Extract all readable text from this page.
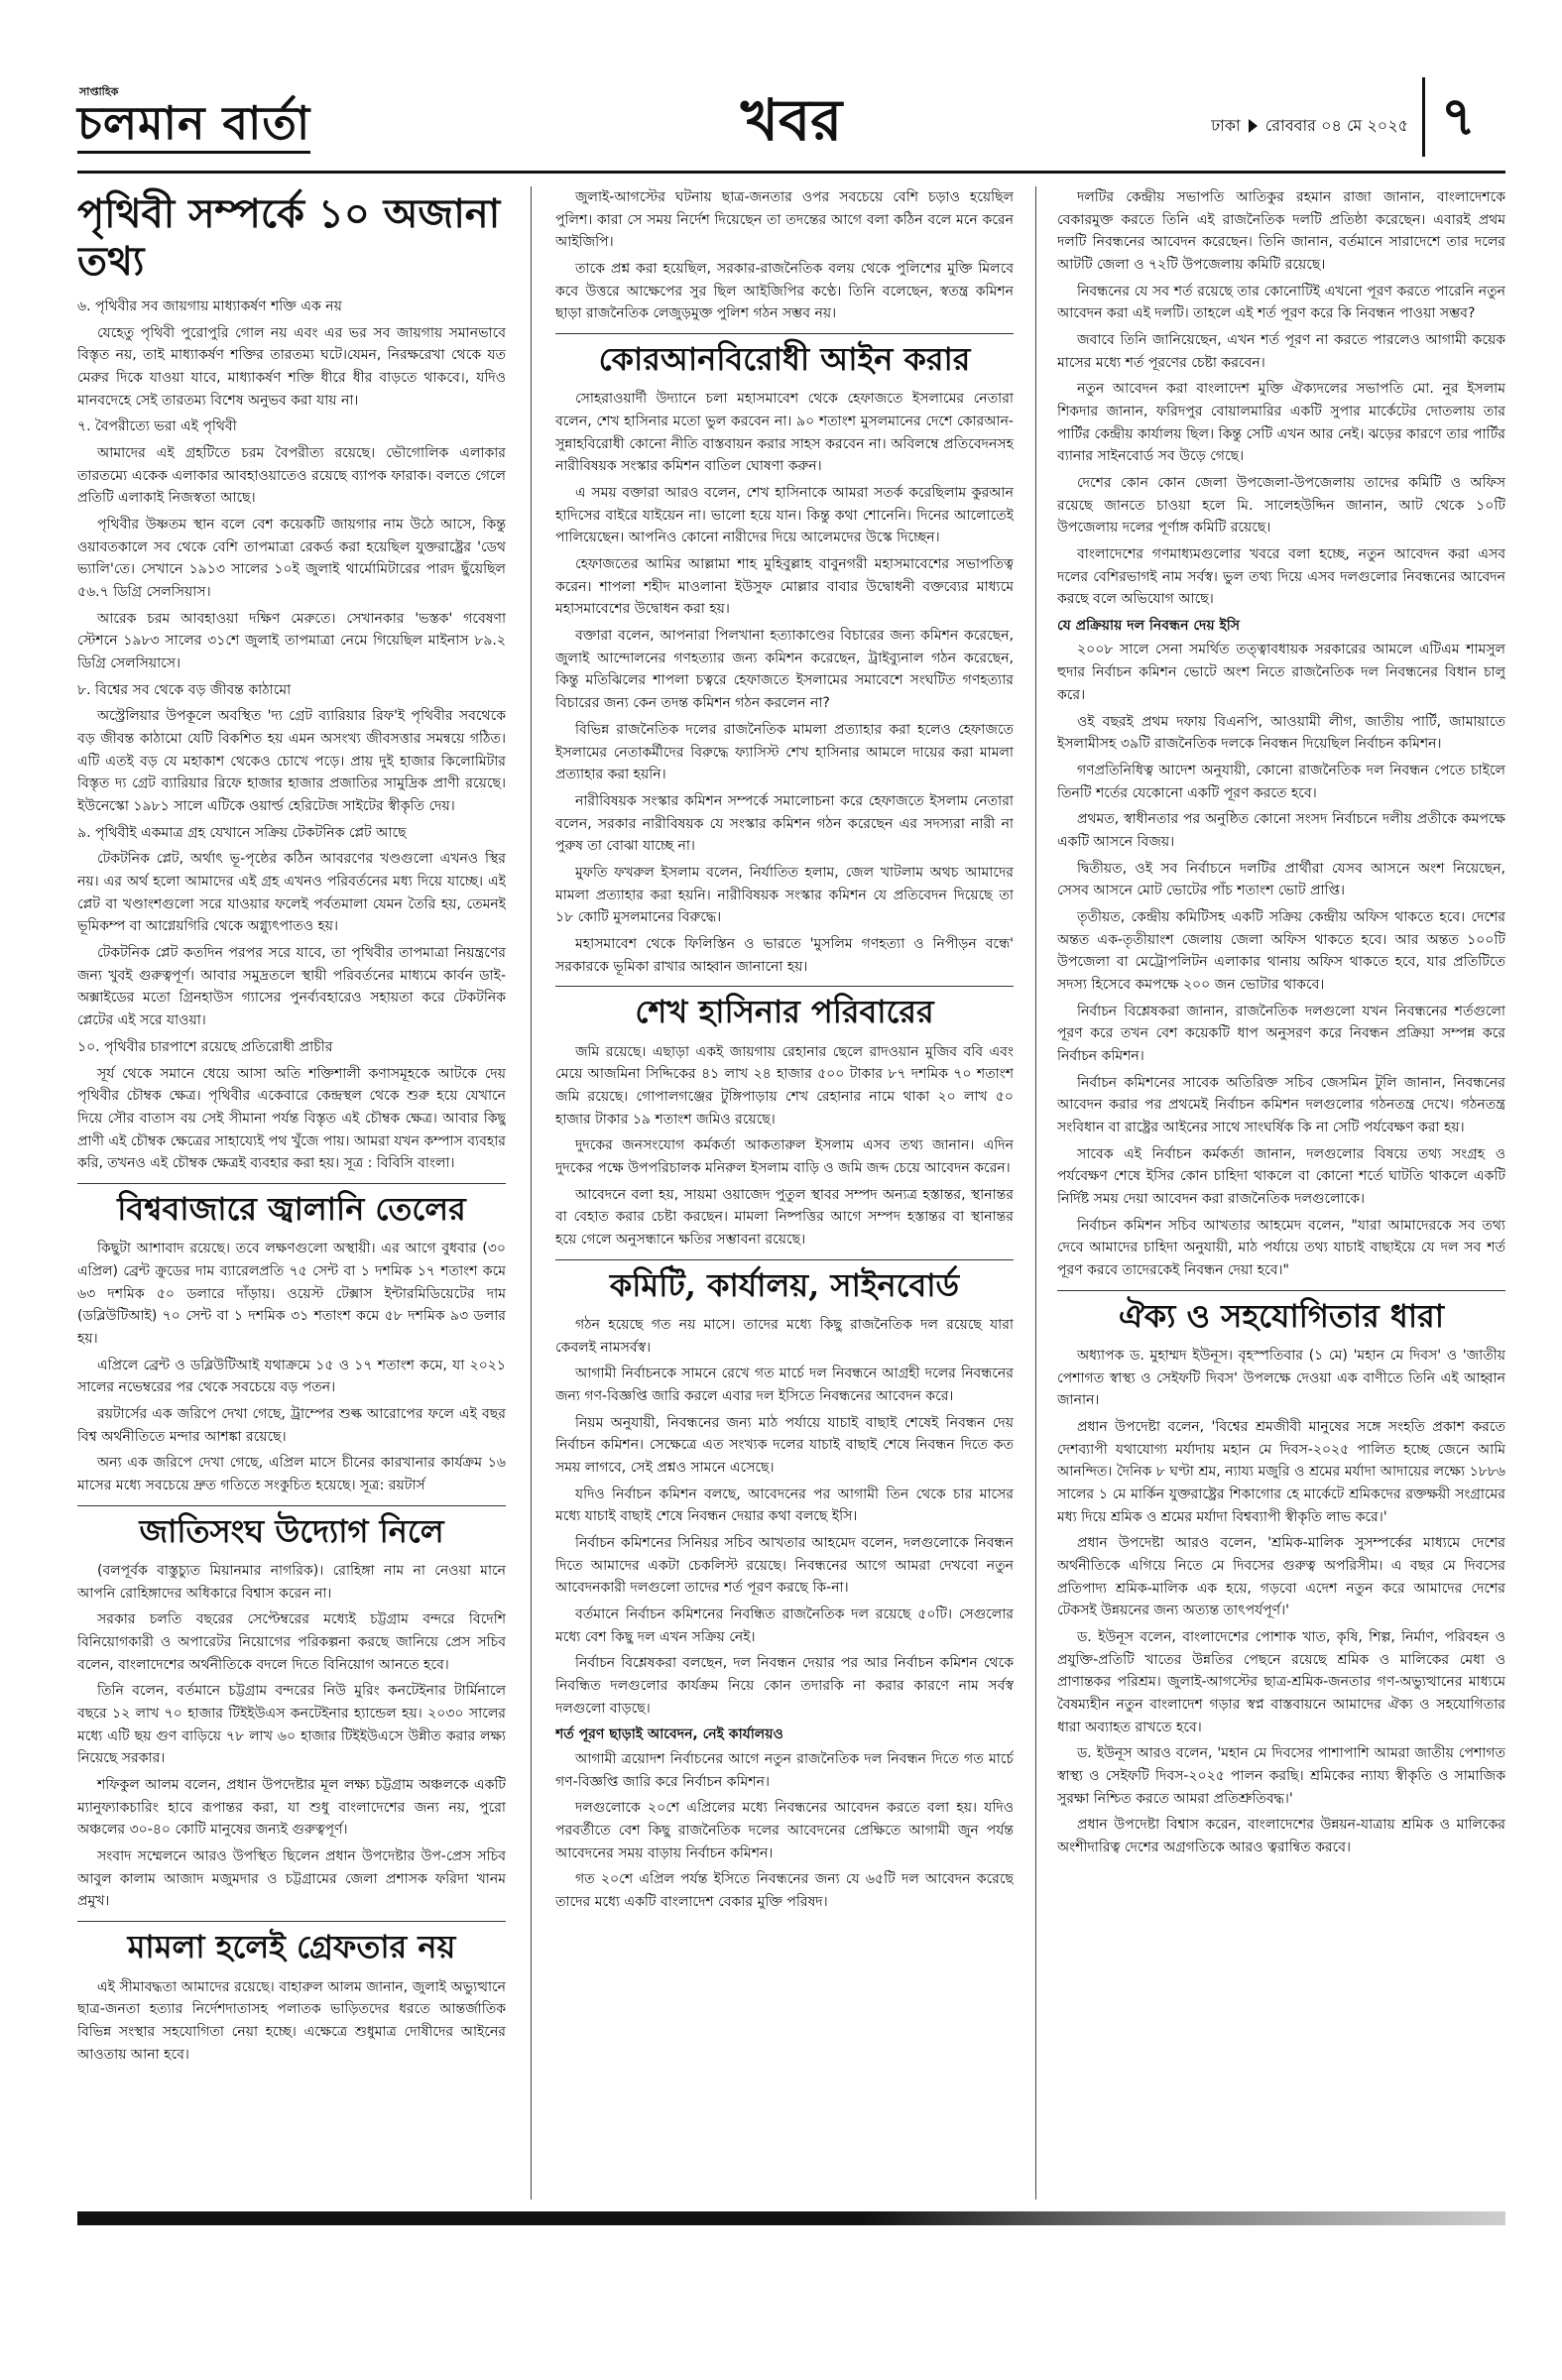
সাপ্তাহিক
চলমান বার্তা	খবর	ঢাকা রোববার ০৪ মে ২০২৫ ৭
পৃথিবী সম্পর্কে ১০ অজানা তথ্য

৬. পৃথিবীর সব জায়গায় মাধ্যাকর্ষণ শক্তি এক নয়

যেহেতু পৃথিবী পুরোপুরি গোল নয় এবং এর ভর সব জায়গায় সমানভাবে বিস্তৃত নয়, তাই মাধ্যাকর্ষণ শক্তির তারতম্য ঘটে।যেমন, নিরক্ষরেখা থেকে যত মেরুর দিকে যাওয়া যাবে, মাধ্যাকর্ষণ শক্তি ধীরে ধীর বাড়তে থাকবে।, যদিও মানবদেহে সেই তারতম্য বিশেষ অনুভব করা যায় না।

৭. বৈপরীত্যে ভরা এই পৃথিবী

আমাদের এই গ্রহটিতে চরম বৈপরীত্য রয়েছে। ভৌগোলিক এলাকার তারতম্যে একেক এলাকার আবহাওয়াতেও রয়েছে ব্যাপক ফারাক। বলতে গেলে প্রতিটি এলাকাই নিজস্বতা আছে।

পৃথিবীর উষ্ণতম স্থান বলে বেশ কয়েকটি জায়গার নাম উঠে আসে, কিন্তু ওয়াবতকালে সব থেকে বেশি তাপমাত্রা রেকর্ড করা হয়েছিল যুক্তরাষ্ট্রের 'ডেথ ভ্যালি'তে। সেখানে ১৯১৩ সালের ১০ই জুলাই থার্মোমিটারের পারদ ছুঁয়েছিল ৫৬.৭ ডিগ্রি সেলসিয়াস।

আরেক চরম আবহাওয়া দক্ষিণ মেরুতে। সেখানকার 'ভস্তক' গবেষণা স্টেশনে ১৯৮৩ সালের ৩১শে জুলাই তাপমাত্রা নেমে গিয়েছিল মাইনাস ৮৯.২ ডিগ্রি সেলসিয়াসে।

৮. বিশ্বের সব থেকে বড় জীবন্ত কাঠামো

অস্ট্রেলিয়ার উপকূলে অবস্থিত 'দ্য গ্রেট ব্যারিয়ার রিফ'ই পৃথিবীর সবথেকে বড় জীবন্ত কাঠামো যেটি বিকশিত হয় এমন অসংখ্য জীবসত্তার সমন্বয়ে গঠিত। এটি এতই বড় যে মহাকাশ থেকেও চোখে পড়ে। প্রায় দুই হাজার কিলোমিটার বিস্তৃত দ্য গ্রেট ব্যারিয়ার রিফে হাজার হাজার প্রজাতির সামুদ্রিক প্রাণী রয়েছে। ইউনেস্কো ১৯৮১ সালে এটিকে ওয়ার্ল্ড হেরিটেজ সাইটের স্বীকৃতি দেয়।

৯. পৃথিবীই একমাত্র গ্রহ যেখানে সক্রিয় টেকটনিক প্লেট আছে

টেকটনিক প্লেট, অর্থাৎ ভূ-পৃষ্ঠের কঠিন আবরণের খণ্ডগুলো এখনও স্থির নয়। এর অর্থ হলো আমাদের এই গ্রহ এখনও পরিবর্তনের মধ্য দিয়ে যাচ্ছে। এই প্লেট বা খণ্ডাংশগুলো সরে যাওয়ার ফলেই পর্বতমালা যেমন তৈরি হয়, তেমনই ভূমিকম্প বা আগ্নেয়গিরি থেকে অগ্ন্যুৎপাতও হয়।

টেকটনিক প্লেট কতদিন পরপর সরে যাবে, তা পৃথিবীর তাপমাত্রা নিয়ন্ত্রণের জন্য খুবই গুরুত্বপূর্ণ। আবার সমুদ্রতলে স্থায়ী পরিবর্তনের মাধ্যমে কার্বন ডাই-অক্সাইডের মতো গ্রিনহাউস গ্যাসের পুনর্ব্যবহারেও সহায়তা করে টেকটনিক প্লেটের এই সরে যাওয়া।

১০. পৃথিবীর চারপাশে রয়েছে প্রতিরোধী প্রাচীর

সূর্য থেকে সমানে ধেয়ে আসা অতি শক্তিশালী কণাসমূহকে আটকে দেয় পৃথিবীর চৌম্বক ক্ষেত্র। পৃথিবীর একেবারে কেন্দ্রস্থল থেকে শুরু হয়ে যেখানে দিয়ে সৌর বাতাস বয় সেই সীমানা পর্যন্ত বিস্তৃত এই চৌম্বক ক্ষেত্র। আবার কিছু প্রাণী এই চৌম্বক ক্ষেত্রের সাহায্যেই পথ খুঁজে পায়। আমরা যখন কম্পাস ব্যবহার করি, তখনও এই চৌম্বক ক্ষেত্রই ব্যবহার করা হয়। সূত্র : বিবিসি বাংলা।

বিশ্ববাজারে জ্বালানি তেলের

কিছুটা আশাবাদ রয়েছে। তবে লক্ষণগুলো অস্থায়ী। এর আগে বুধবার (৩০ এপ্রিল) ব্রেন্ট ক্রুডের দাম ব্যারেলপ্রতি ৭৫ সেন্ট বা ১ দশমিক ১৭ শতাংশ কমে ৬৩ দশমিক ৫০ ডলারে দাঁড়ায়। ওয়েস্ট টেক্সাস ইন্টারমিডিয়েটের দাম (ডব্লিউটিআই) ৭০ সেন্ট বা ১ দশমিক ৩১ শতাংশ কমে ৫৮ দশমিক ৯৩ ডলার হয়।

এপ্রিলে ব্রেন্ট ও ডব্লিউটিআই যথাক্রমে ১৫ ও ১৭ শতাংশ কমে, যা ২০২১ সালের নভেম্বরের পর থেকে সবচেয়ে বড় পতন।

রয়টার্সের এক জরিপে দেখা গেছে, ট্রাম্পের শুল্ক আরোপের ফলে এই বছর বিশ্ব অর্থনীতিতে মন্দার আশঙ্কা রয়েছে।

অন্য এক জরিপে দেখা গেছে, এপ্রিল মাসে চীনের কারখানার কার্যক্রম ১৬ মাসের মধ্যে সবচেয়ে দ্রুত গতিতে সংকুচিত হয়েছে। সূত্র: রয়টার্স

জাতিসংঘ উদ্যোগ নিলে

(বলপূর্বক বাস্তুচ্যুত মিয়ানমার নাগরিক)। রোহিঙ্গা নাম না নেওয়া মানে আপনি রোহিঙ্গাদের অধিকারে বিশ্বাস করেন না।

সরকার চলতি বছরের সেপ্টেম্বরের মধ্যেই চট্টগ্রাম বন্দরে বিদেশি বিনিয়োগকারী ও অপারেটর নিয়োগের পরিকল্পনা করছে জানিয়ে প্রেস সচিব বলেন, বাংলাদেশের অর্থনীতিকে বদলে দিতে বিনিয়োগ আনতে হবে।

তিনি বলেন, বর্তমানে চট্টগ্রাম বন্দরের নিউ মুরিং কনটেইনার টার্মিনালে বছরে ১২ লাখ ৭০ হাজার টিইইউএস কনটেইনার হ্যান্ডেল হয়। ২০৩০ সালের মধ্যে এটি ছয় গুণ বাড়িয়ে ৭৮ লাখ ৬০ হাজার টিইইউএসে উন্নীত করার লক্ষ্য নিয়েছে সরকার।

শফিকুল আলম বলেন, প্রধান উপদেষ্টার মূল লক্ষ্য চট্টগ্রাম অঞ্চলকে একটি ম্যানুফ্যাকচারিং হাবে রূপান্তর করা, যা শুধু বাংলাদেশের জন্য নয়, পুরো অঞ্চলের ৩০-৪০ কোটি মানুষের জন্যই গুরুত্বপূর্ণ।

সংবাদ সম্মেলনে আরও উপস্থিত ছিলেন প্রধান উপদেষ্টার উপ-প্রেস সচিব আবুল কালাম আজাদ মজুমদার ও চট্টগ্রামের জেলা প্রশাসক ফরিদা খানম প্রমুখ।

মামলা হলেই গ্রেফতার নয়

এই সীমাবদ্ধতা আমাদের রয়েছে। বাহারুল আলম জানান, জুলাই অভ্যুত্থানে ছাত্র-জনতা হত্যার নির্দেশদাতাসহ পলাতক ভাড়িতদের ধরতে আন্তর্জাতিক বিভিন্ন সংস্থার সহযোগিতা নেয়া হচ্ছে। এক্ষেত্রে শুধুমাত্র দোষীদের আইনের আওতায় আনা হবে।

জুলাই-আগস্টের ঘটনায় ছাত্র-জনতার ওপর সবচেয়ে বেশি চড়াও হয়েছিল পুলিশ। কারা সে সময় নির্দেশ দিয়েছেন তা তদন্তের আগে বলা কঠিন বলে মনে করেন আইজিপি।

তাকে প্রশ্ন করা হয়েছিল, সরকার-রাজনৈতিক বলয় থেকে পুলিশের মুক্তি মিলবে কবে উত্তরে আক্ষেপের সুর ছিল আইজিপির কণ্ঠে। তিনি বলেছেন, স্বতন্ত্র কমিশন ছাড়া রাজনৈতিক লেজুড়মুক্ত পুলিশ গঠন সম্ভব নয়।

কোরআনবিরোধী আইন করার

সোহরাওয়ার্দী উদ্যানে চলা মহাসমাবেশ থেকে হেফাজতে ইসলামের নেতারা বলেন, শেখ হাসিনার মতো ভুল করবেন না। ৯০ শতাংশ মুসলমানের দেশে কোরআন-সুন্নাহবিরোধী কোনো নীতি বাস্তবায়ন করার সাহস করবেন না। অবিলম্বে প্রতিবেদনসহ নারীবিষয়ক সংস্কার কমিশন বাতিল ঘোষণা করুন।

এ সময় বক্তারা আরও বলেন, শেখ হাসিনাকে আমরা সতর্ক করেছিলাম কুরআন হাদিসের বাইরে যাইয়েন না। ভালো হয়ে যান। কিন্তু কথা শোনেনি। দিনের আলোতেই পালিয়েছেন। আপনিও কোনো নারীদের দিয়ে আলেমদের উস্কে দিচ্ছেন।

হেফাজতের আমির আল্লামা শাহ মুহিবুল্লাহ বাবুনগরী মহাসমাবেশের সভাপতিত্ব করেন। শাপলা শহীদ মাওলানা ইউসুফ মোল্লার বাবার উদ্বোধনী বক্তব্যের মাধ্যমে মহাসমাবেশের উদ্বোধন করা হয়।

বক্তারা বলেন, আপনারা পিলখানা হত্যাকাণ্ডের বিচারের জন্য কমিশন করেছেন, জুলাই আন্দোলনের গণহত্যার জন্য কমিশন করেছেন, ট্রাইব্যুনাল গঠন করেছেন, কিন্তু মতিঝিলের শাপলা চত্বরে হেফাজতে ইসলামের সমাবেশে সংঘটিত গণহত্যার বিচারের জন্য কেন তদন্ত কমিশন গঠন করলেন না?

বিভিন্ন রাজনৈতিক দলের রাজনৈতিক মামলা প্রত্যাহার করা হলেও হেফাজতে ইসলামের নেতাকর্মীদের বিরুদ্ধে ফ্যাসিস্ট শেখ হাসিনার আমলে দায়ের করা মামলা প্রত্যাহার করা হয়নি।

নারীবিষয়ক সংস্কার কমিশন সম্পর্কে সমালোচনা করে হেফাজতে ইসলাম নেতারা বলেন, সরকার নারীবিষয়ক যে সংস্কার কমিশন গঠন করেছেন এর সদস্যরা নারী না পুরুষ তা বোঝা যাচ্ছে না।

মুফতি ফখরুল ইসলাম বলেন, নির্যাতিত হলাম, জেল খাটলাম অথচ আমাদের মামলা প্রত্যাহার করা হয়নি। নারীবিষয়ক সংস্কার কমিশন যে প্রতিবেদন দিয়েছে তা ১৮ কোটি মুসলমানের বিরুদ্ধে।

মহাসমাবেশ থেকে ফিলিস্তিন ও ভারতে 'মুসলিম গণহত্যা ও নিপীড়ন বন্ধে' সরকারকে ভূমিকা রাখার আহ্বান জানানো হয়।

শেখ হাসিনার পরিবারের

জমি রয়েছে। এছাড়া একই জায়গায় রেহানার ছেলে রাদওয়ান মুজিব ববি এবং মেয়ে আজমিনা সিদ্দিকের ৪১ লাখ ২৪ হাজার ৫০০ টাকার ৮৭ দশমিক ৭০ শতাংশ জমি রয়েছে। গোপালগঞ্জের টুঙ্গিপাড়ায় শেখ রেহানার নামে থাকা ২০ লাখ ৫০ হাজার টাকার ১৯ শতাংশ জমিও রয়েছে।

দুদকের জনসংযোগ কর্মকর্তা আকতারুল ইসলাম এসব তথ্য জানান। এদিন দুদকের পক্ষে উপপরিচালক মনিরুল ইসলাম বাড়ি ও জমি জব্দ চেয়ে আবেদন করেন।

আবেদনে বলা হয়, সায়মা ওয়াজেদ পুতুল স্থাবর সম্পদ অন্যত্র হস্তান্তর, স্থানান্তর বা বেহাত করার চেষ্টা করছেন। মামলা নিষ্পত্তির আগে সম্পদ হস্তান্তর বা স্থানান্তর হয়ে গেলে অনুসন্ধানে ক্ষতির সম্ভাবনা রয়েছে।

কমিটি, কার্যালয়, সাইনবোর্ড

গঠন হয়েছে গত নয় মাসে। তাদের মধ্যে কিছু রাজনৈতিক দল রয়েছে যারা কেবলই নামসর্বস্ব।

আগামী নির্বাচনকে সামনে রেখে গত মার্চে দল নিবন্ধনে আগ্রহী দলের নিবন্ধনের জন্য গণ-বিজ্ঞপ্তি জারি করলে এবার দল ইসিতে নিবন্ধনের আবেদন করে।

নিয়ম অনুযায়ী, নিবন্ধনের জন্য মাঠ পর্যায়ে যাচাই বাছাই শেষেই নিবন্ধন দেয় নির্বাচন কমিশন। সেক্ষেত্রে এত সংখ্যক দলের যাচাই বাছাই শেষে নিবন্ধন দিতে কত সময় লাগবে, সেই প্রশ্নও সামনে এসেছে।

যদিও নির্বাচন কমিশন বলছে, আবেদনের পর আগামী তিন থেকে চার মাসের মধ্যে যাচাই বাছাই শেষে নিবন্ধন দেয়ার কথা বলছে ইসি।

নির্বাচন কমিশনের সিনিয়র সচিব আখতার আহমেদ বলেন, দলগুলোকে নিবন্ধন দিতে আমাদের একটা চেকলিস্ট রয়েছে। নিবন্ধনের আগে আমরা দেখবো নতুন আবেদনকারী দলগুলো তাদের শর্ত পূরণ করছে কি-না।

বর্তমানে নির্বাচন কমিশনের নিবন্ধিত রাজনৈতিক দল রয়েছে ৫০টি। সেগুলোর মধ্যে বেশ কিছু দল এখন সক্রিয় নেই।

নির্বাচন বিশ্লেষকরা বলছেন, দল নিবন্ধন দেয়ার পর আর নির্বাচন কমিশন থেকে নিবন্ধিত দলগুলোর কার্যক্রম নিয়ে কোন তদারকি না করার কারণে নাম সর্বস্ব দলগুলো বাড়ছে।

শর্ত পূরণ ছাড়াই আবেদন, নেই কার্যালয়ও

আগামী ত্রয়োদশ নির্বাচনের আগে নতুন রাজনৈতিক দল নিবন্ধন দিতে গত মার্চে গণ-বিজ্ঞপ্তি জারি করে নির্বাচন কমিশন।

দলগুলোকে ২০শে এপ্রিলের মধ্যে নিবন্ধনের আবেদন করতে বলা হয়। যদিও পরবর্তীতে বেশ কিছু রাজনৈতিক দলের আবেদনের প্রেক্ষিতে আগামী জুন পর্যন্ত আবেদনের সময় বাড়ায় নির্বাচন কমিশন।

গত ২০শে এপ্রিল পর্যন্ত ইসিতে নিবন্ধনের জন্য যে ৬৫টি দল আবেদন করেছে তাদের মধ্যে একটি বাংলাদেশ বেকার মুক্তি পরিষদ।

দলটির কেন্দ্রীয় সভাপতি আতিকুর রহমান রাজা জানান, বাংলাদেশকে বেকারমুক্ত করতে তিনি এই রাজনৈতিক দলটি প্রতিষ্ঠা করেছেন। এবারই প্রথম দলটি নিবন্ধনের আবেদন করেছেন। তিনি জানান, বর্তমানে সারাদেশে তার দলের আটটি জেলা ও ৭২টি উপজেলায় কমিটি রয়েছে।

নিবন্ধনের যে সব শর্ত রয়েছে তার কোনোটিই এখনো পূরণ করতে পারেনি নতুন আবেদন করা এই দলটি। তাহলে এই শর্ত পূরণ করে কি নিবন্ধন পাওয়া সম্ভব?

জবাবে তিনি জানিয়েছেন, এখন শর্ত পূরণ না করতে পারলেও আগামী কয়েক মাসের মধ্যে শর্ত পূরণের চেষ্টা করবেন।

নতুন আবেদন করা বাংলাদেশ মুক্তি ঐক্যদলের সভাপতি মো. নুর ইসলাম শিকদার জানান, ফরিদপুর বোয়ালমারির একটি সুপার মার্কেটের দোতলায় তার পার্টির কেন্দ্রীয় কার্যালয় ছিল। কিন্তু সেটি এখন আর নেই। ঝড়ের কারণে তার পার্টির ব্যানার সাইনবোর্ড সব উড়ে গেছে।

দেশের কোন কোন জেলা উপজেলা-উপজেলায় তাদের কমিটি ও অফিস রয়েছে জানতে চাওয়া হলে মি. সালেহউদ্দিন জানান, আট থেকে ১০টি উপজেলায় দলের পূর্ণাঙ্গ কমিটি রয়েছে।

বাংলাদেশের গণমাধ্যমগুলোর খবরে বলা হচ্ছে, নতুন আবেদন করা এসব দলের বেশিরভাগই নাম সর্বস্ব। ভুল তথ্য দিয়ে এসব দলগুলোর নিবন্ধনের আবেদন করছে বলে অভিযোগ আছে।

যে প্রক্রিয়ায় দল নিবন্ধন দেয় ইসি

২০০৮ সালে সেনা সমর্থিত তত্ত্বাবধায়ক সরকারের আমলে এটিএম শামসুল হুদার নির্বাচন কমিশন ভোটে অংশ নিতে রাজনৈতিক দল নিবন্ধনের বিধান চালু করে।

ওই বছরই প্রথম দফায় বিএনপি, আওয়ামী লীগ, জাতীয় পার্টি, জামায়াতে ইসলামীসহ ৩৯টি রাজনৈতিক দলকে নিবন্ধন দিয়েছিল নির্বাচন কমিশন।

গণপ্রতিনিধিত্ব আদেশ অনুযায়ী, কোনো রাজনৈতিক দল নিবন্ধন পেতে চাইলে তিনটি শর্তের যেকোনো একটি পূরণ করতে হবে।

প্রথমত, স্বাধীনতার পর অনুষ্ঠিত কোনো সংসদ নির্বাচনে দলীয় প্রতীকে কমপক্ষে একটি আসনে বিজয়।

দ্বিতীয়ত, ওই সব নির্বাচনে দলটির প্রার্থীরা যেসব আসনে অংশ নিয়েছেন, সেসব আসনে মোট ভোটের পাঁচ শতাংশ ভোট প্রাপ্তি।

তৃতীয়ত, কেন্দ্রীয় কমিটিসহ একটি সক্রিয় কেন্দ্রীয় অফিস থাকতে হবে। দেশের অন্তত এক-তৃতীয়াংশ জেলায় জেলা অফিস থাকতে হবে। আর অন্তত ১০০টি উপজেলা বা মেট্রোপলিটন এলাকার থানায় অফিস থাকতে হবে, যার প্রতিটিতে সদস্য হিসেবে কমপক্ষে ২০০ জন ভোটার থাকবে।

নির্বাচন বিশ্লেষকরা জানান, রাজনৈতিক দলগুলো যখন নিবন্ধনের শর্তগুলো পূরণ করে তখন বেশ কয়েকটি ধাপ অনুসরণ করে নিবন্ধন প্রক্রিয়া সম্পন্ন করে নির্বাচন কমিশন।

নির্বাচন কমিশনের সাবেক অতিরিক্ত সচিব জেসমিন টুলি জানান, নিবন্ধনের আবেদন করার পর প্রথমেই নির্বাচন কমিশন দলগুলোর গঠনতন্ত্র দেখে। গঠনতন্ত্র সংবিধান বা রাষ্ট্রের আইনের সাথে সাংঘর্ষিক কি না সেটি পর্যবেক্ষণ করা হয়।

সাবেক এই নির্বাচন কর্মকর্তা জানান, দলগুলোর বিষয়ে তথ্য সংগ্রহ ও পর্যবেক্ষণ শেষে ইসির কোন চাহিদা থাকলে বা কোনো শর্তে ঘাটতি থাকলে একটি নির্দিষ্ট সময় দেয়া আবেদন করা রাজনৈতিক দলগুলোকে।

নির্বাচন কমিশন সচিব আখতার আহমেদ বলেন, "যারা আমাদেরকে সব তথ্য দেবে আমাদের চাহিদা অনুযায়ী, মাঠ পর্যায়ে তথ্য যাচাই বাছাইয়ে যে দল সব শর্ত পূরণ করবে তাদেরকেই নিবন্ধন দেয়া হবে।"

ঐক্য ও সহযোগিতার ধারা

অধ্যাপক ড. মুহাম্মদ ইউনূস। বৃহস্পতিবার (১ মে) 'মহান মে দিবস' ও 'জাতীয় পেশাগত স্বাস্থ্য ও সেইফটি দিবস' উপলক্ষে দেওয়া এক বাণীতে তিনি এই আহ্বান জানান।

প্রধান উপদেষ্টা বলেন, 'বিশ্বের শ্রমজীবী মানুষের সঙ্গে সংহতি প্রকাশ করতে দেশব্যাপী যথাযোগ্য মর্যাদায় মহান মে দিবস-২০২৫ পালিত হচ্ছে জেনে আমি আনন্দিত। দৈনিক ৮ ঘণ্টা শ্রম, ন্যায্য মজুরি ও শ্রমের মর্যাদা আদায়ের লক্ষ্যে ১৮৮৬ সালের ১ মে মার্কিন যুক্তরাষ্ট্রের শিকাগোর হে মার্কেটে শ্রমিকদের রক্তক্ষয়ী সংগ্রামের মধ্য দিয়ে শ্রমিক ও শ্রমের মর্যাদা বিশ্বব্যাপী স্বীকৃতি লাভ করে।'

প্রধান উপদেষ্টা আরও বলেন, 'শ্রমিক-মালিক সুসম্পর্কের মাধ্যমে দেশের অর্থনীতিকে এগিয়ে নিতে মে দিবসের গুরুত্ব অপরিসীম। এ বছর মে দিবসের প্রতিপাদ্য শ্রমিক-মালিক এক হয়ে, গড়বো এদেশ নতুন করে আমাদের দেশের টেকসই উন্নয়নের জন্য অত্যন্ত তাৎপর্যপূর্ণ।'

ড. ইউনূস বলেন, বাংলাদেশের পোশাক খাত, কৃষি, শিল্প, নির্মাণ, পরিবহন ও প্রযুক্তি-প্রতিটি খাতের উন্নতির পেছনে রয়েছে শ্রমিক ও মালিকের মেধা ও প্রাণান্তকর পরিশ্রম। জুলাই-আগস্টের ছাত্র-শ্রমিক-জনতার গণ-অভ্যুত্থানের মাধ্যমে বৈষম্যহীন নতুন বাংলাদেশ গড়ার স্বপ্ন বাস্তবায়নে আমাদের ঐক্য ও সহযোগিতার ধারা অব্যাহত রাখতে হবে।

ড. ইউনূস আরও বলেন, 'মহান মে দিবসের পাশাপাশি আমরা জাতীয় পেশাগত স্বাস্থ্য ও সেইফটি দিবস-২০২৫ পালন করছি। শ্রমিকের ন্যায্য স্বীকৃতি ও সামাজিক সুরক্ষা নিশ্চিত করতে আমরা প্রতিশ্রুতিবদ্ধ।'

প্রধান উপদেষ্টা বিশ্বাস করেন, বাংলাদেশের উন্নয়ন-যাত্রায় শ্রমিক ও মালিকের অংশীদারিত্ব দেশের অগ্রগতিকে আরও ত্বরান্বিত করবে।
